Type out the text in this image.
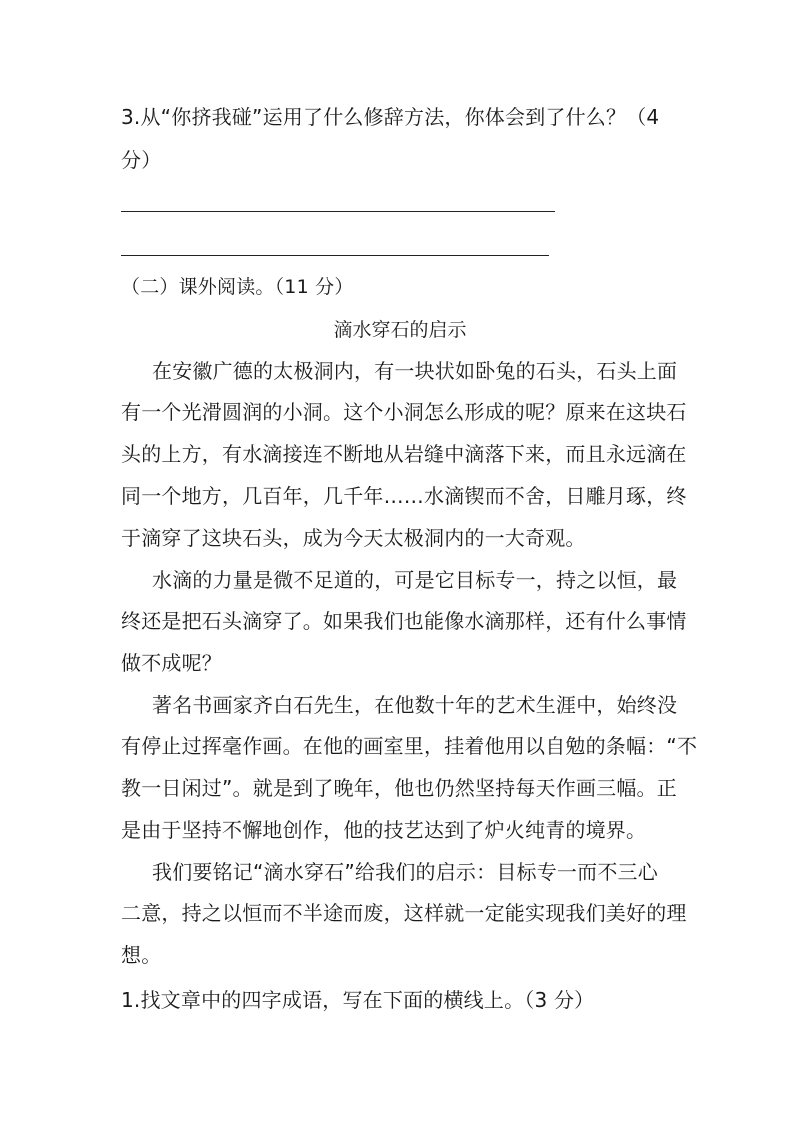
3.从“你挤我碰”运用了什么修辞方法，你体会到了什么？（4
分）
（二）课外阅读。（11 分）
滴水穿石的启示
在安徽广德的太极洞内，有一块状如卧兔的石头，石头上面
有一个光滑圆润的小洞。这个小洞怎么形成的呢？原来在这块石
头的上方，有水滴接连不断地从岩缝中滴落下来，而且永远滴在
同一个地方，几百年，几千年……水滴锲而不舍，日雕月琢，终
于滴穿了这块石头，成为今天太极洞内的一大奇观。
水滴的力量是微不足道的，可是它目标专一，持之以恒，最
终还是把石头滴穿了。如果我们也能像水滴那样，还有什么事情
做不成呢？
著名书画家齐白石先生，在他数十年的艺术生涯中，始终没
有停止过挥毫作画。在他的画室里，挂着他用以自勉的条幅：“不
教一日闲过”。就是到了晚年，他也仍然坚持每天作画三幅。正
是由于坚持不懈地创作，他的技艺达到了炉火纯青的境界。
我们要铭记“滴水穿石”给我们的启示：目标专一而不三心
二意，持之以恒而不半途而废，这样就一定能实现我们美好的理
想。
1.找文章中的四字成语，写在下面的横线上。（3 分）
